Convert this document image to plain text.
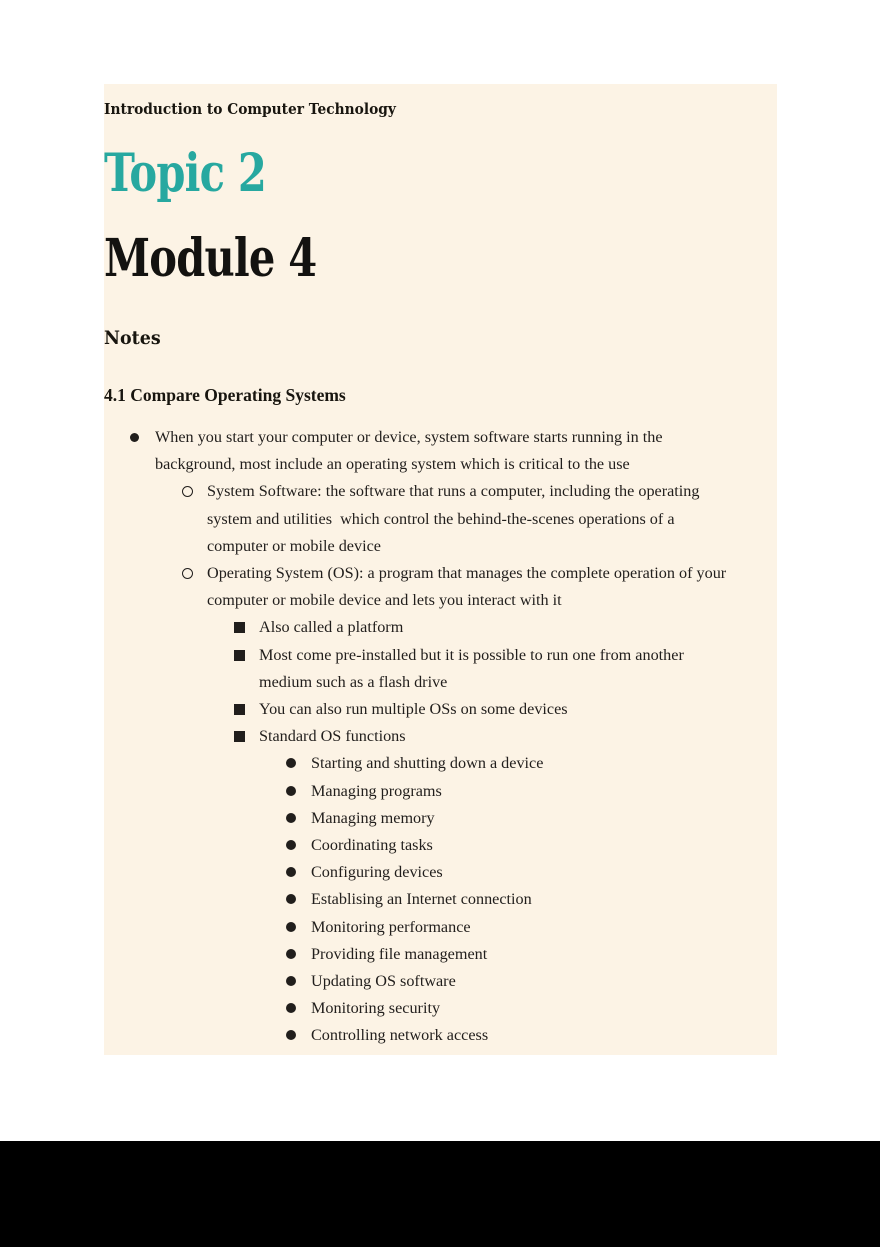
Introduction to Computer Technology
Topic 2
Module 4
Notes
4.1 Compare Operating Systems
When you start your computer or device, system software starts running in the
background, most include an operating system which is critical to the use
System Software: the software that runs a computer, including the operating
system and utilities  which control the behind-the-scenes operations of a
computer or mobile device
Operating System (OS): a program that manages the complete operation of your
computer or mobile device and lets you interact with it
Also called a platform
Most come pre-installed but it is possible to run one from another
medium such as a flash drive
You can also run multiple OSs on some devices
Standard OS functions
Starting and shutting down a device
Managing programs
Managing memory
Coordinating tasks
Configuring devices
Establising an Internet connection
Monitoring performance
Providing file management
Updating OS software
Monitoring security
Controlling network access
